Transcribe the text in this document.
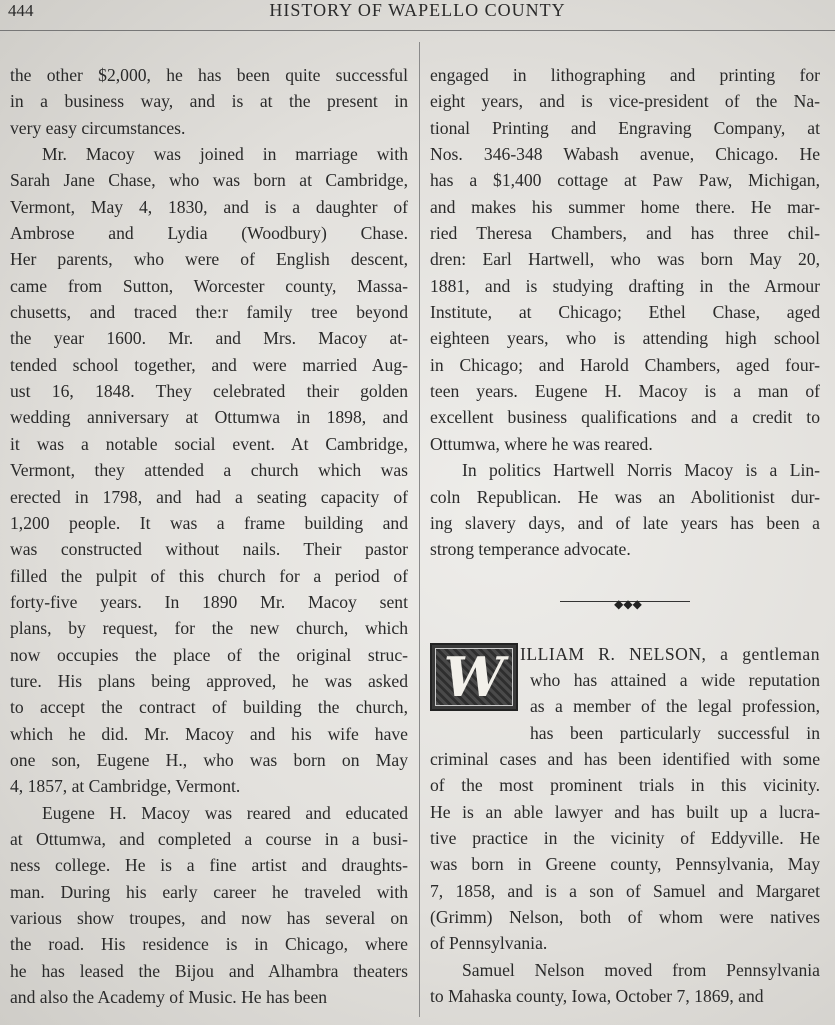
444	HISTORY OF WAPELLO COUNTY
the other $2,000, he has been quite successful
in a business way, and is at the present in
very easy circumstances.
Mr. Macoy was joined in marriage with
Sarah Jane Chase, who was born at Cambridge,
Vermont, May 4, 1830, and is a daughter of
Ambrose and Lydia (Woodbury) Chase.
Her parents, who were of English descent,
came from Sutton, Worcester county, Massa-
chusetts, and traced the:r family tree beyond
the year 1600. Mr. and Mrs. Macoy at-
tended school together, and were married Aug-
ust 16, 1848. They celebrated their golden
wedding anniversary at Ottumwa in 1898, and
it was a notable social event. At Cambridge,
Vermont, they attended a church which was
erected in 1798, and had a seating capacity of
1,200 people. It was a frame building and
was constructed without nails. Their pastor
filled the pulpit of this church for a period of
forty-five years. In 1890 Mr. Macoy sent
plans, by request, for the new church, which
now occupies the place of the original struc-
ture. His plans being approved, he was asked
to accept the contract of building the church,
which he did. Mr. Macoy and his wife have
one son, Eugene H., who was born on May
4, 1857, at Cambridge, Vermont.
Eugene H. Macoy was reared and educated
at Ottumwa, and completed a course in a busi-
ness college. He is a fine artist and draughts-
man. During his early career he traveled with
various show troupes, and now has several on
the road. His residence is in Chicago, where
he has leased the Bijou and Alhambra theaters
and also the Academy of Music. He has been
engaged in lithographing and printing for
eight years, and is vice-president of the Na-
tional Printing and Engraving Company, at
Nos. 346-348 Wabash avenue, Chicago. He
has a $1,400 cottage at Paw Paw, Michigan,
and makes his summer home there. He mar-
ried Theresa Chambers, and has three chil-
dren: Earl Hartwell, who was born May 20,
1881, and is studying drafting in the Armour
Institute, at Chicago; Ethel Chase, aged
eighteen years, who is attending high school
in Chicago; and Harold Chambers, aged four-
teen years. Eugene H. Macoy is a man of
excellent business qualifications and a credit to
Ottumwa, where he was reared.
In politics Hartwell Norris Macoy is a Lin-
coln Republican. He was an Abolitionist dur-
ing slavery days, and of late years has been a
strong temperance advocate.
◆◆◆
W ILLIAM R. NELSON, a gentleman
who has attained a wide reputation
as a member of the legal profession,
has been particularly successful in
criminal cases and has been identified with some
of the most prominent trials in this vicinity.
He is an able lawyer and has built up a lucra-
tive practice in the vicinity of Eddyville. He
was born in Greene county, Pennsylvania, May
7, 1858, and is a son of Samuel and Margaret
(Grimm) Nelson, both of whom were natives
of Pennsylvania.
Samuel Nelson moved from Pennsylvania
to Mahaska county, Iowa, October 7, 1869, and
